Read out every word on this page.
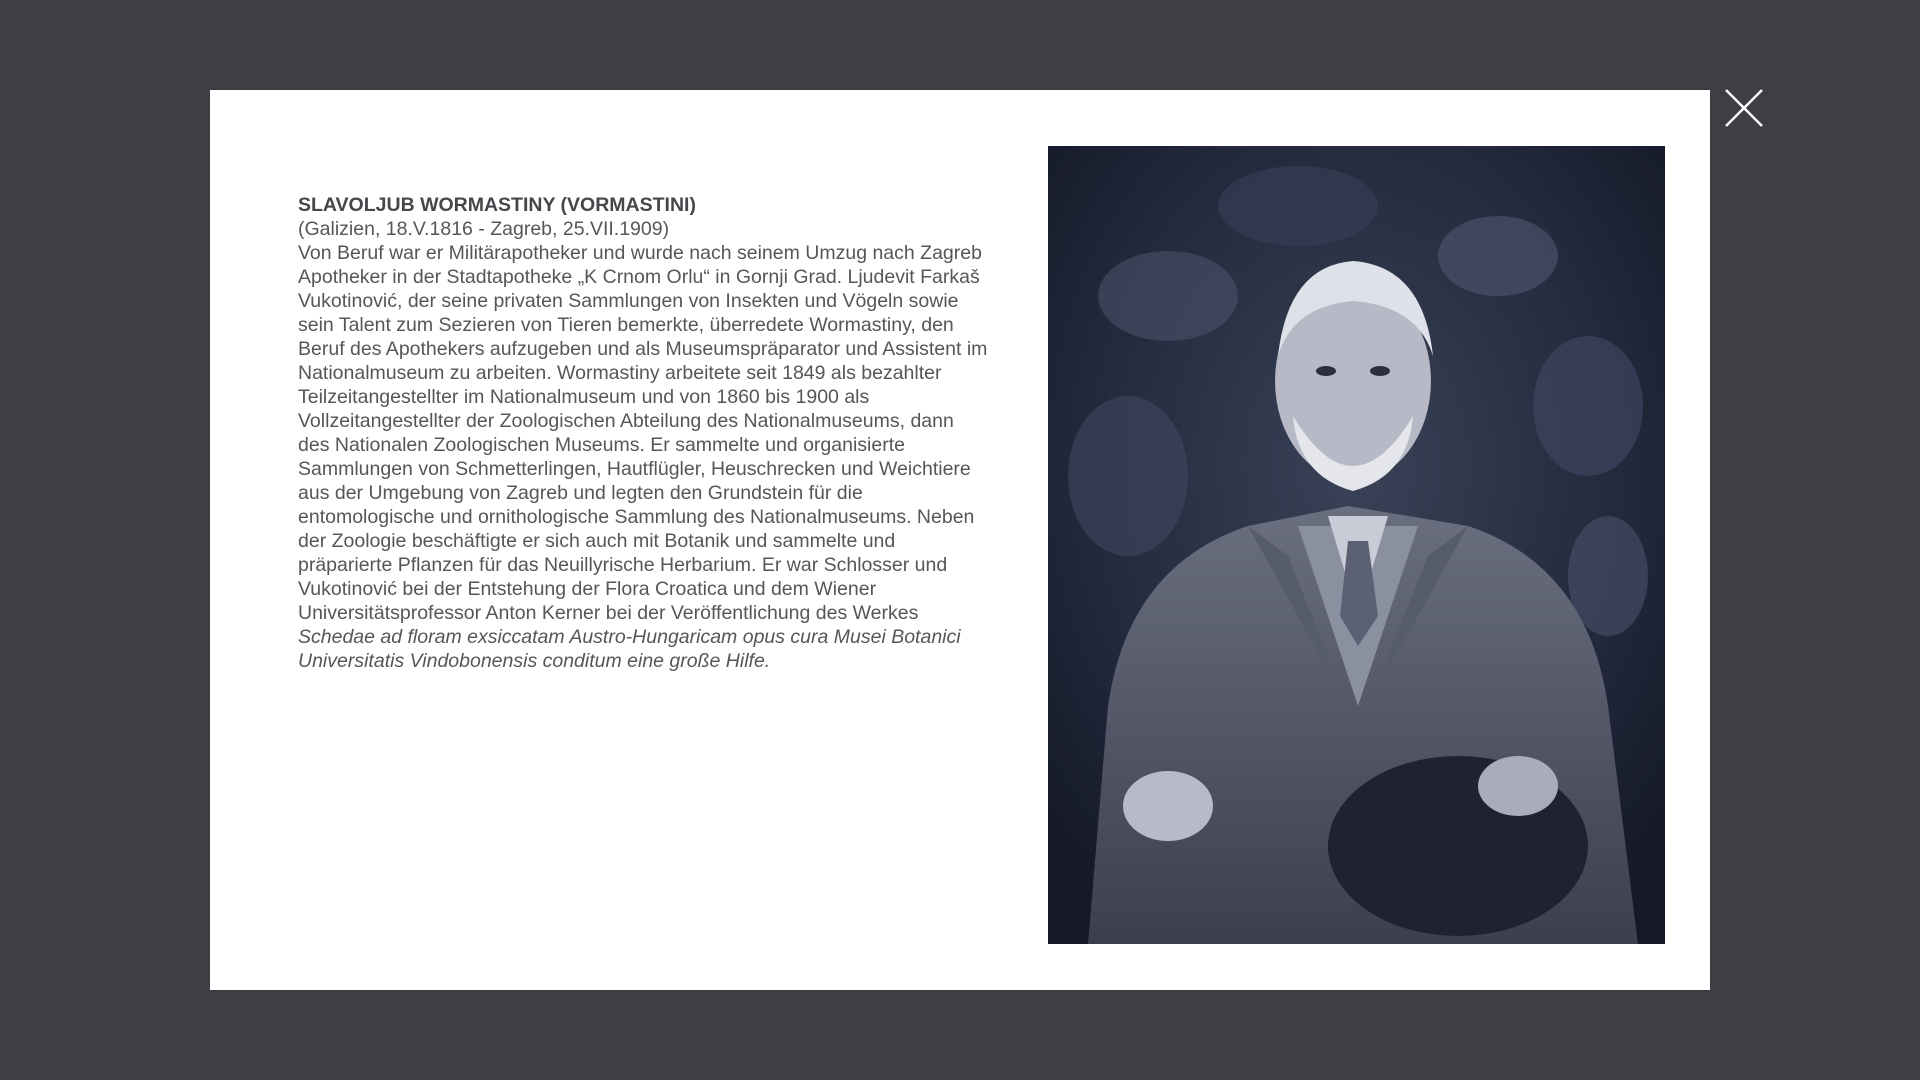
SLAVOLJUB WORMASTINY (VORMASTINI)
(Galizien, 18.V.1816 - Zagreb, 25.VII.1909)
Von Beruf war er Militärapotheker und wurde nach seinem Umzug nach Zagreb Apotheker in der Stadtapotheke „K Crnom Orlu“ in Gornji Grad. Ljudevit Farkaš Vukotinović, der seine privaten Sammlungen von Insekten und Vögeln sowie sein Talent zum Sezieren von Tieren bemerkte, überredete Wormastiny, den Beruf des Apothekers aufzugeben und als Museumspräparator und Assistent im Nationalmuseum zu arbeiten. Wormastiny arbeitete seit 1849 als bezahlter Teilzeitangestellter im Nationalmuseum und von 1860 bis 1900 als Vollzeitangestellter der Zoologischen Abteilung des Nationalmuseums, dann des Nationalen Zoologischen Museums. Er sammelte und organisierte Sammlungen von Schmetterlingen, Hautflügler, Heuschrecken und Weichtiere aus der Umgebung von Zagreb und legten den Grundstein für die entomologische und ornithologische Sammlung des Nationalmuseums. Neben der Zoologie beschäftigte er sich auch mit Botanik und sammelte und präparierte Pflanzen für das Neuillyrische Herbarium. Er war Schlosser und Vukotinović bei der Entstehung der Flora Croatica und dem Wiener Universitätsprofessor Anton Kerner bei der Veröffentlichung des Werkes Schedae ad floram exsiccatam Austro-Hungaricam opus cura Musei Botanici Universitatis Vindobonensis conditum eine große Hilfe.
